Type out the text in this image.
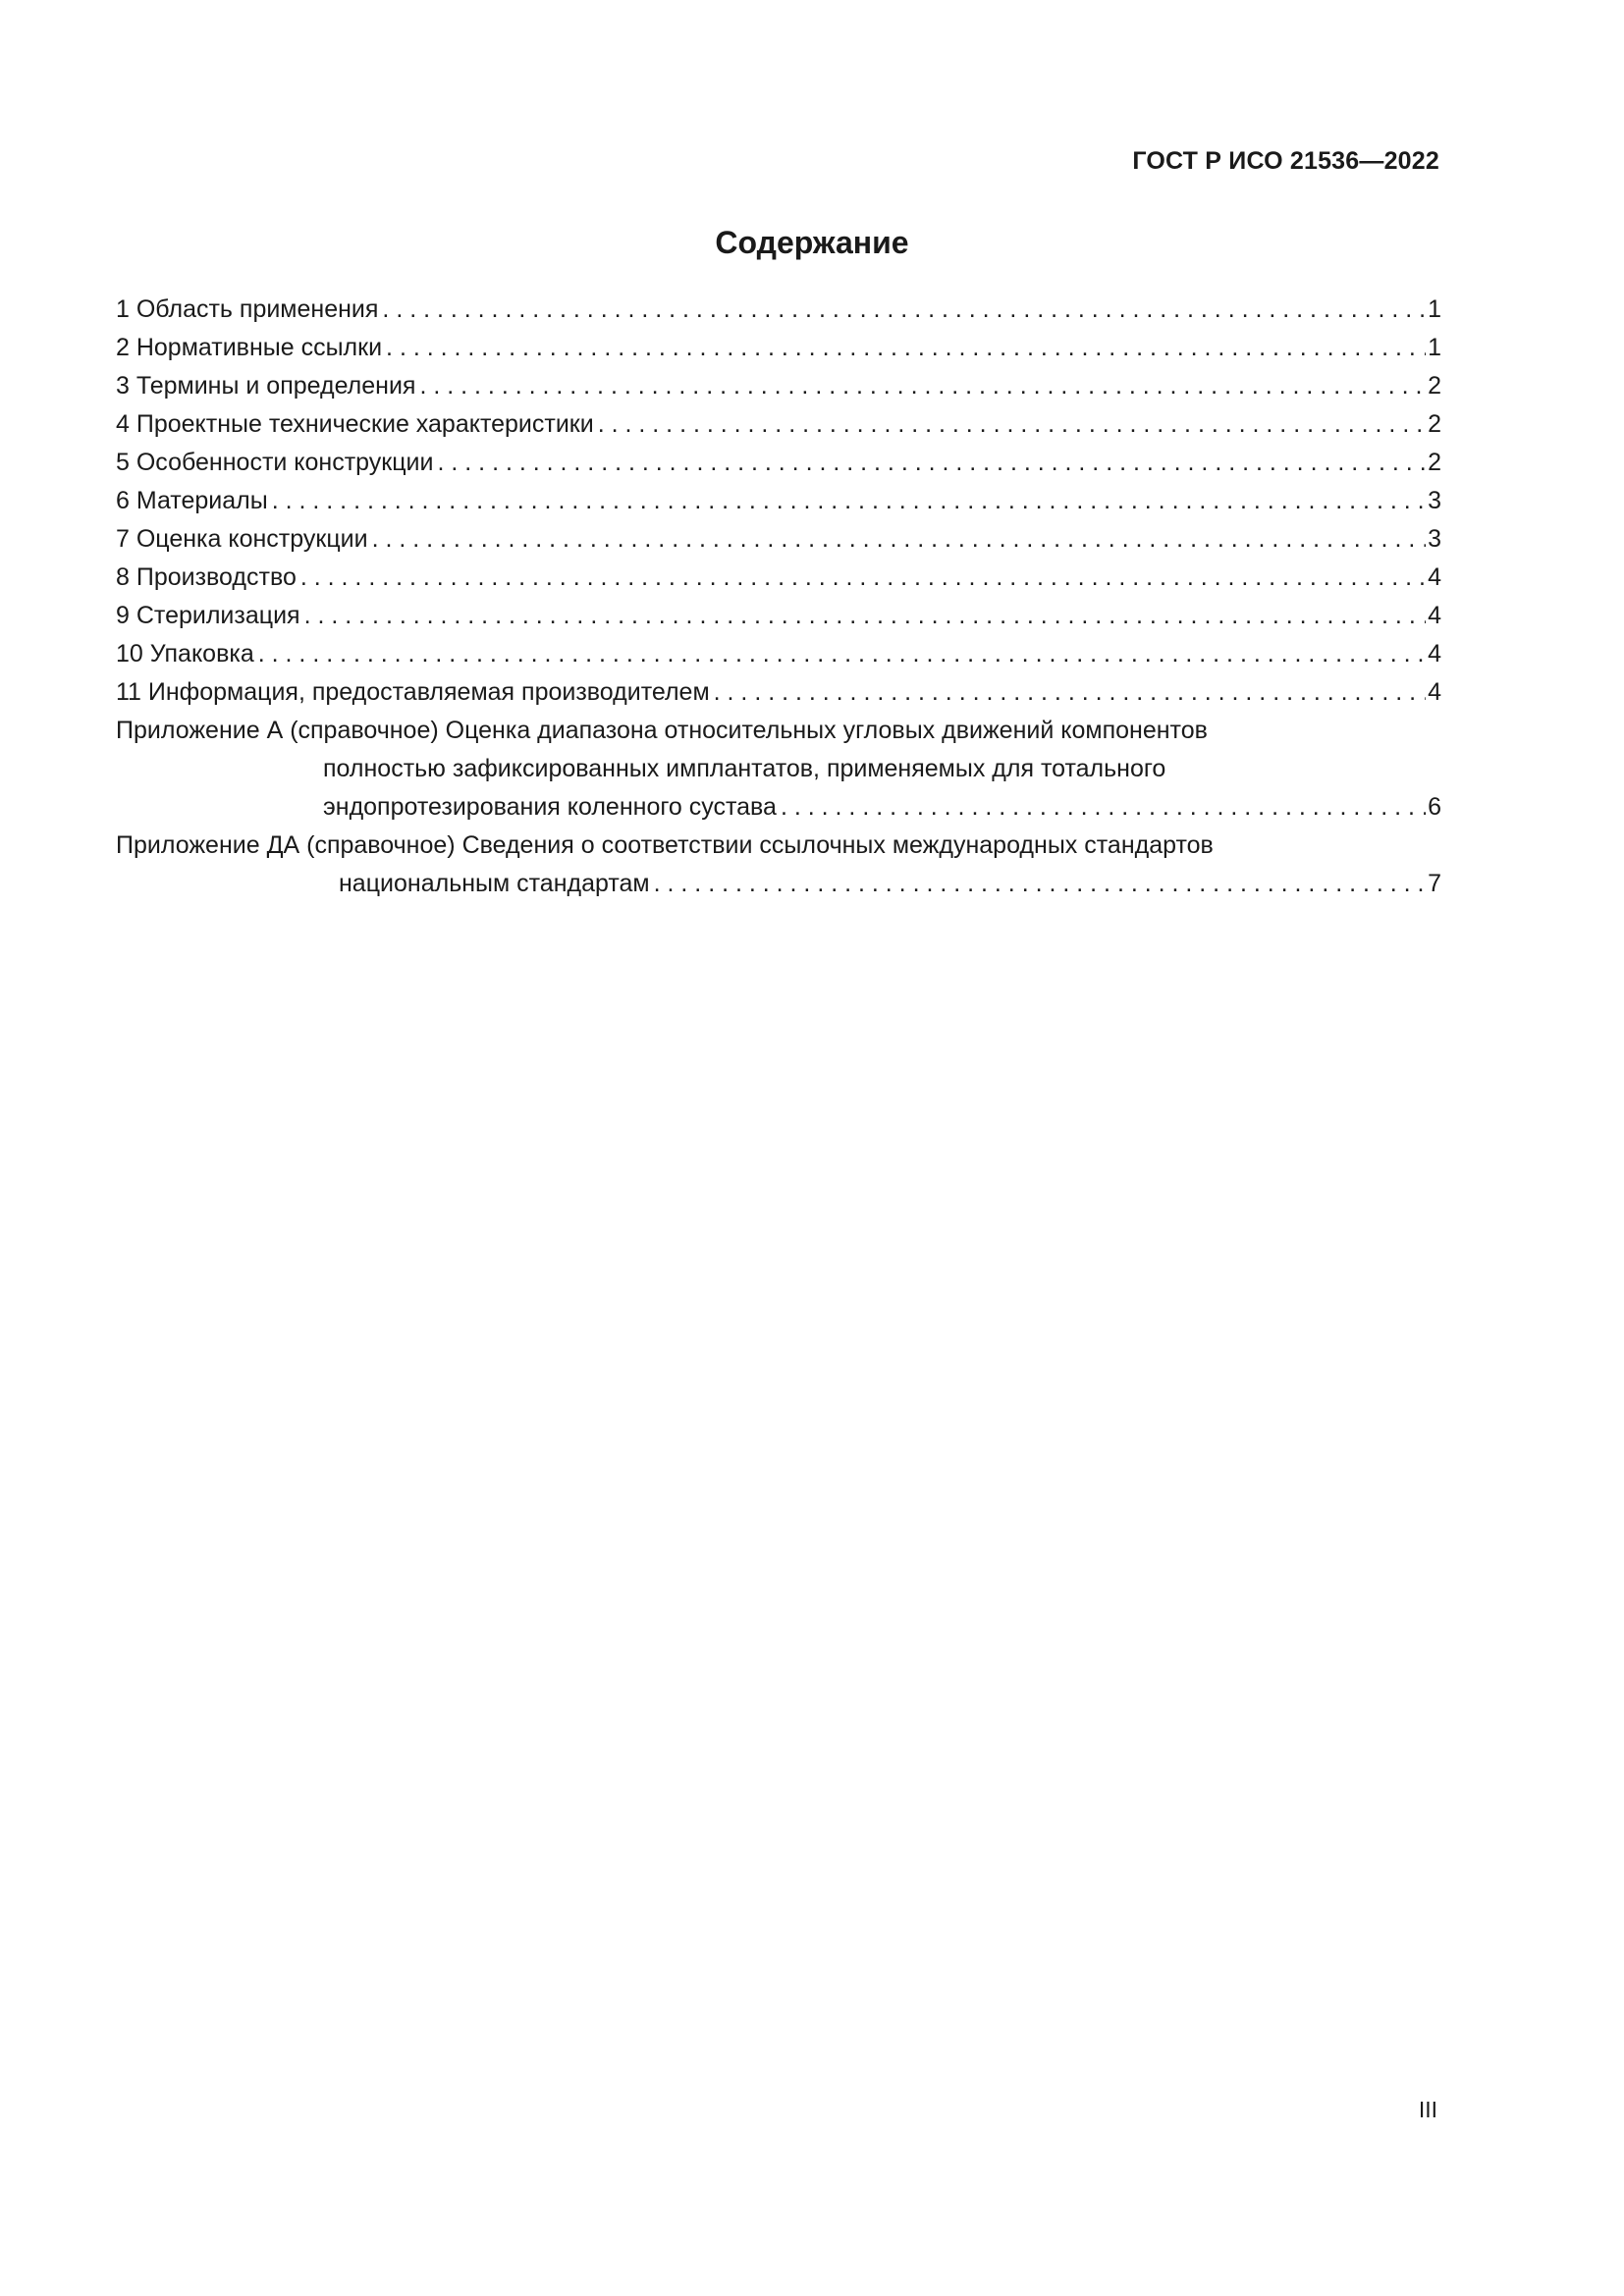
ГОСТ Р ИСО 21536—2022
Содержание
1 Область применения . . .	1
2 Нормативные ссылки . . .	1
3 Термины и определения . . .	2
4 Проектные технические характеристики . . .	2
5 Особенности конструкции . . .	2
6 Материалы . . .	3
7 Оценка конструкции . . .	3
8 Производство . . .	4
9 Стерилизация . . .	4
10 Упаковка . . .	4
11 Информация, предоставляемая производителем . . .	4
Приложение А (справочное) Оценка диапазона относительных угловых движений компонентов
полностью зафиксированных имплантатов, применяемых для тотального
эндопротезирования коленного сустава . . .	6
Приложение ДА (справочное) Сведения о соответствии ссылочных международных стандартов
национальным стандартам . . .	7
III
